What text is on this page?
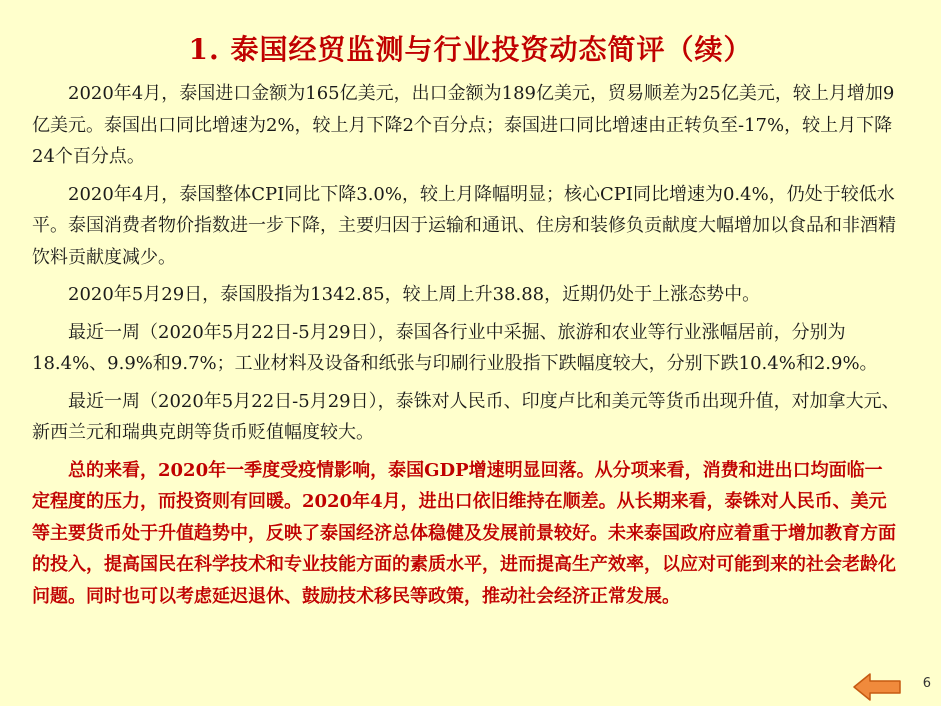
1. 泰国经贸监测与行业投资动态简评（续）

2020年4月，泰国进口金额为165亿美元，出口金额为189亿美元，贸易顺差为25亿美元，较上月增加9亿美元。泰国出口同比增速为2%，较上月下降2个百分点；泰国进口同比增速由正转负至-17%，较上月下降24个百分点。

2020年4月，泰国整体CPI同比下降3.0%，较上月降幅明显；核心CPI同比增速为0.4%，仍处于较低水平。泰国消费者物价指数进一步下降，主要归因于运输和通讯、住房和装修负贡献度大幅增加以食品和非酒精饮料贡献度减少。

2020年5月29日，泰国股指为1342.85，较上周上升38.88，近期仍处于上涨态势中。

最近一周（2020年5月22日-5月29日），泰国各行业中采掘、旅游和农业等行业涨幅居前，分别为18.4%、9.9%和9.7%；工业材料及设备和纸张与印刷行业股指下跌幅度较大，分别下跌10.4%和2.9%。

最近一周（2020年5月22日-5月29日），泰铢对人民币、印度卢比和美元等货币出现升值，对加拿大元、新西兰元和瑞典克朗等货币贬值幅度较大。

总的来看，2020年一季度受疫情影响，泰国GDP增速明显回落。从分项来看，消费和进出口均面临一定程度的压力，而投资则有回暖。2020年4月，进出口依旧维持在顺差。从长期来看，泰铢对人民币、美元等主要货币处于升值趋势中，反映了泰国经济总体稳健及发展前景较好。未来泰国政府应着重于增加教育方面的投入，提高国民在科学技术和专业技能方面的素质水平，进而提高生产效率，以应对可能到来的社会老龄化问题。同时也可以考虑延迟退休、鼓励技术移民等政策，推动社会经济正常发展。

6
